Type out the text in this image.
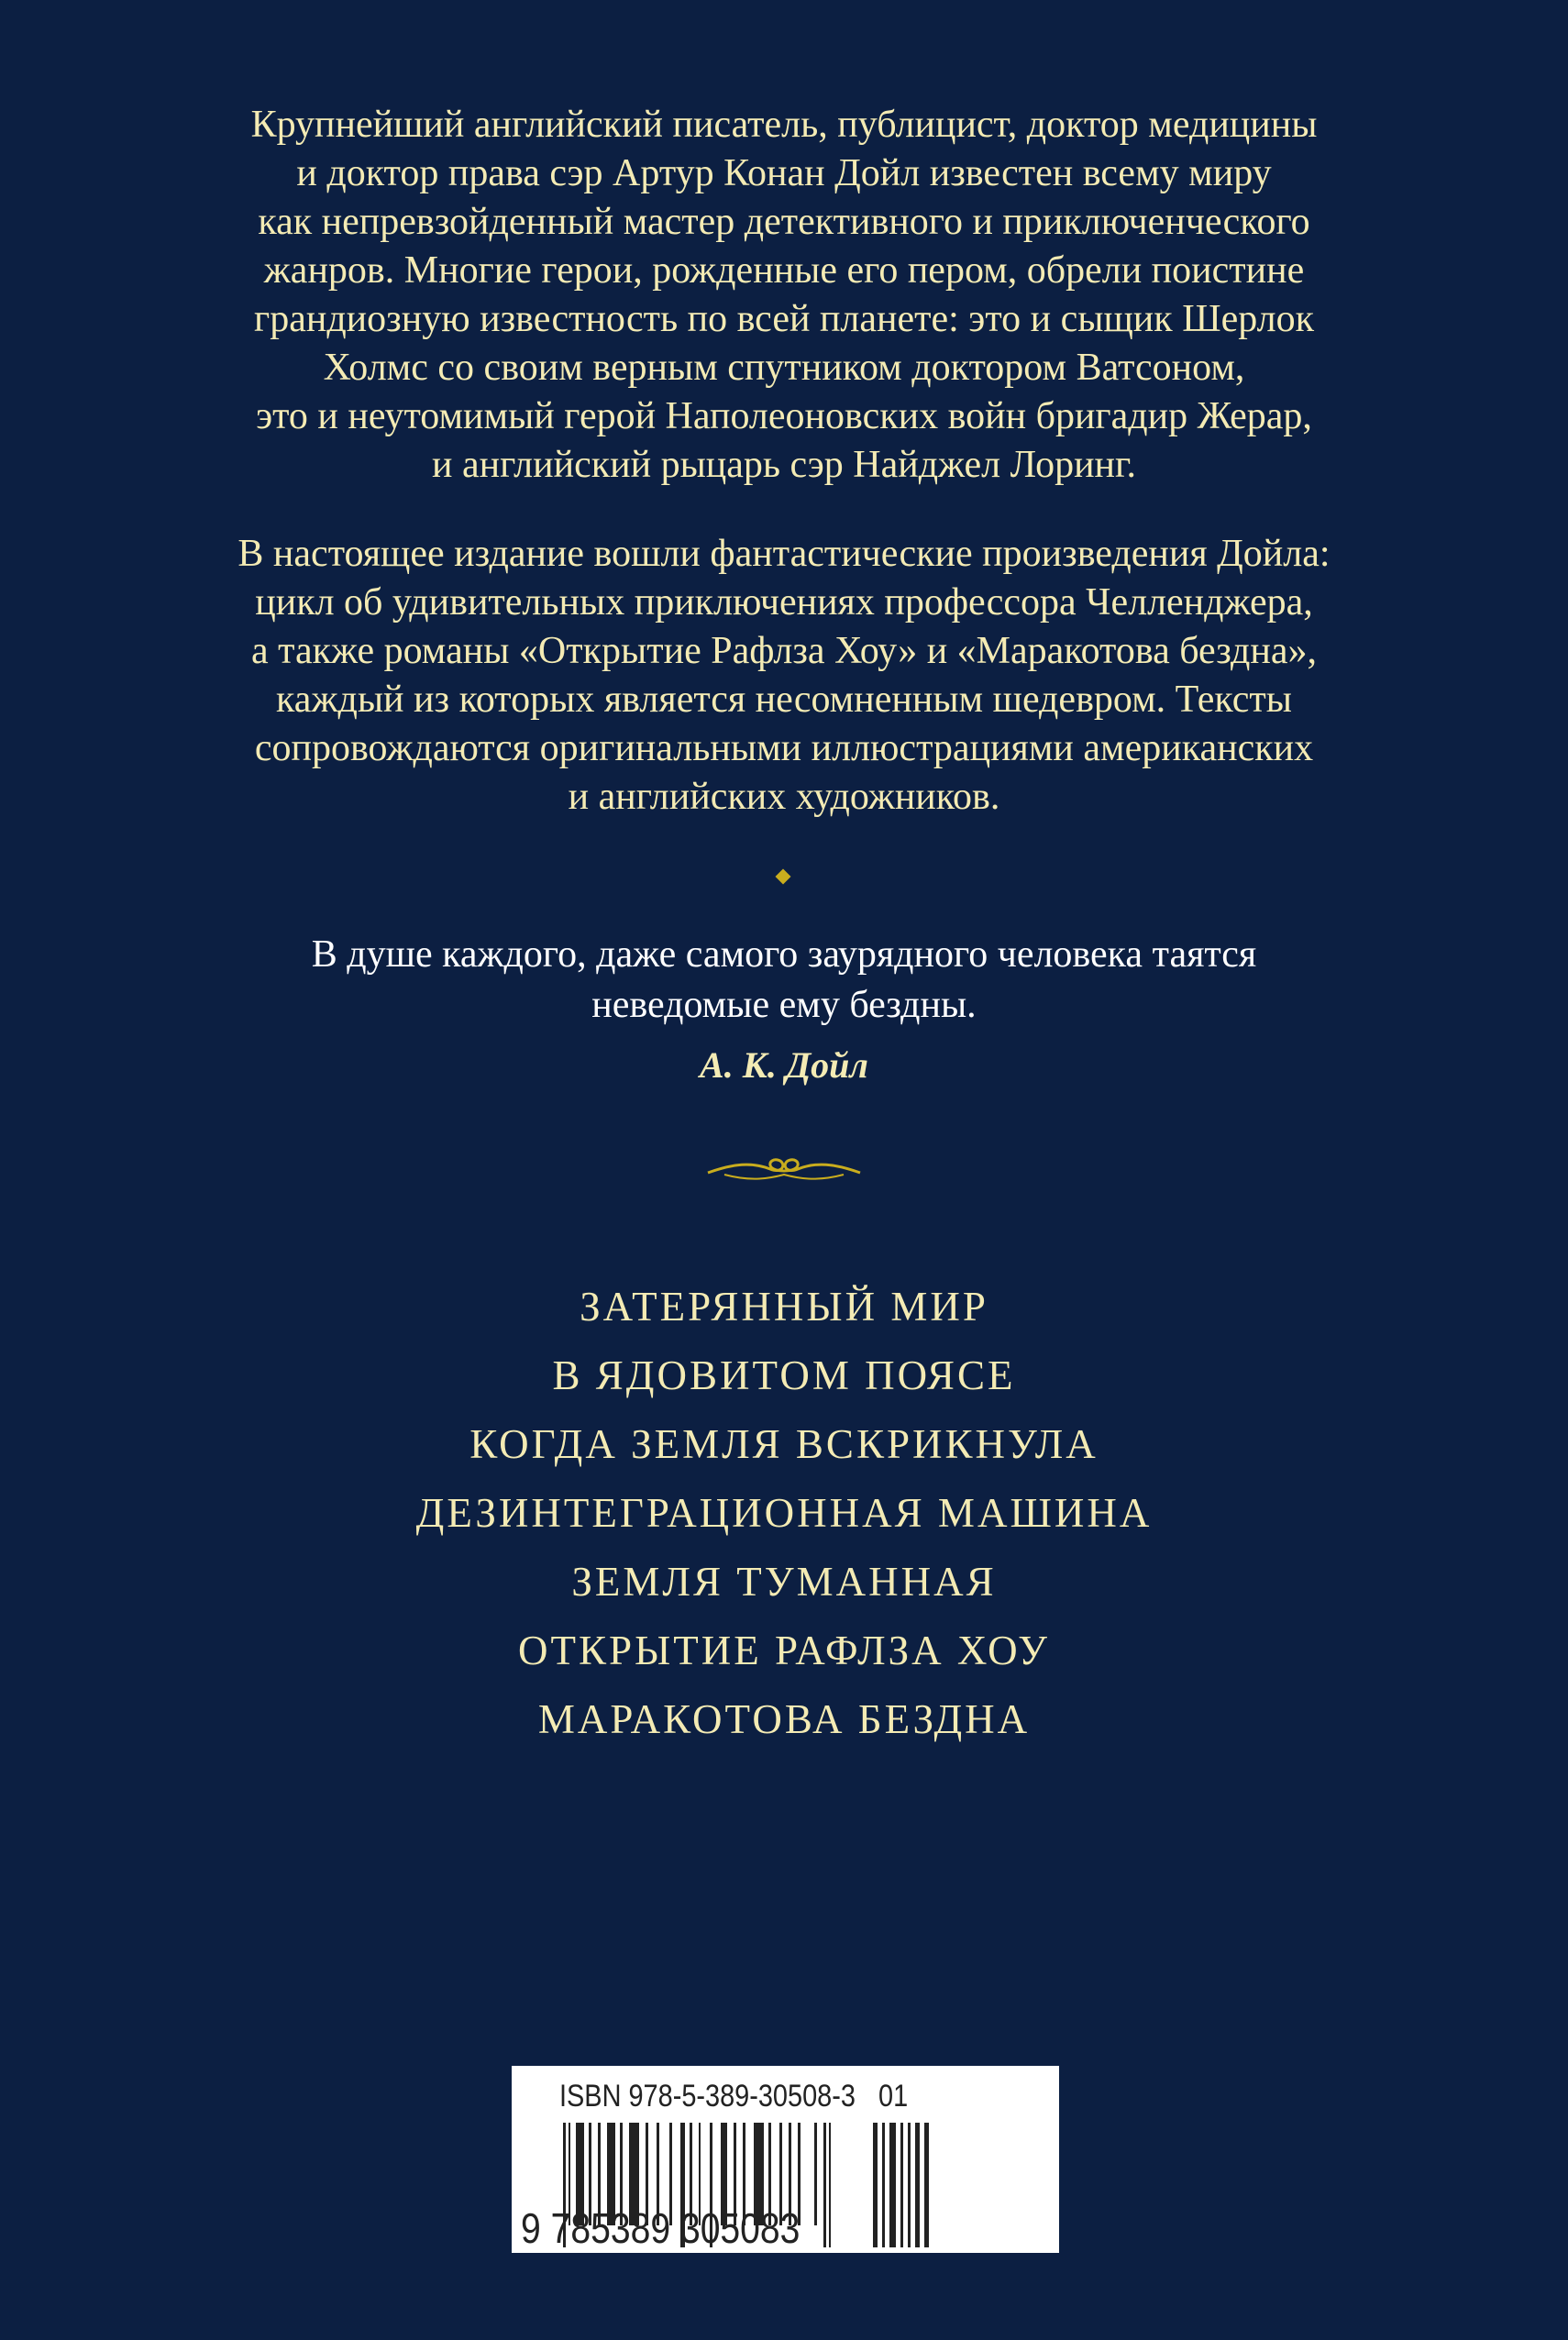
Крупнейший английский писатель, публицист, доктор медицины
и доктор права сэр Артур Конан Дойл известен всему миру
как непревзойденный мастер детективного и приключенческого
жанров. Многие герои, рожденные его пером, обрели поистине
грандиозную известность по всей планете: это и сыщик Шерлок
Холмс со своим верным спутником доктором Ватсоном,
это и неутомимый герой Наполеоновских войн бригадир Жерар,
и английский рыцарь сэр Найджел Лоринг.
В настоящее издание вошли фантастические произведения Дойла:
цикл об удивительных приключениях профессора Челленджера,
а также романы «Открытие Рафлза Хоу» и «Маракотова бездна»,
каждый из которых является несомненным шедевром. Тексты
сопровождаются оригинальными иллюстрациями американских
и английских художников.
В душе каждого, даже самого заурядного человека таятся
неведомые ему бездны.
А. К. Дойл
ЗАТЕРЯННЫЙ МИР
В ЯДОВИТОМ ПОЯСЕ
КОГДА ЗЕМЛЯ ВСКРИКНУЛА
ДЕЗИНТЕГРАЦИОННАЯ МАШИНА
ЗЕМЛЯ ТУМАННАЯ
ОТКРЫТИЕ РАФЛЗА ХОУ
МАРАКОТОВА БЕЗДНА
ISBN 978-5-389-30508-3 01
9 785389 305083
